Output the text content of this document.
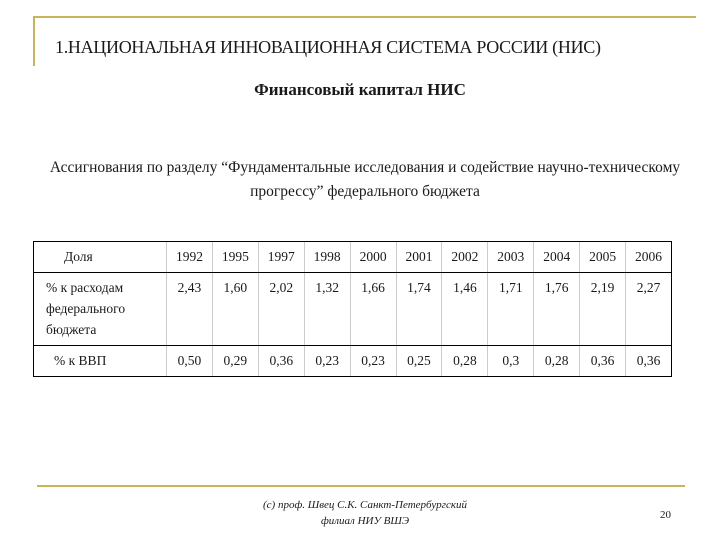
1.НАЦИОНАЛЬНАЯ ИННОВАЦИОННАЯ СИСТЕМА РОССИИ (НИС)
Финансовый капитал НИС
Ассигнования по разделу “Фундаментальные исследования и содействие научно-техническому прогрессу” федерального бюджета
Доля	1992	1995	1997	1998	2000	2001	2002	2003	2004	2005	2006
% к расходам федерального бюджета	2,43	1,60	2,02	1,32	1,66	1,74	1,46	1,71	1,76	2,19	2,27
% к ВВП	0,50	0,29	0,36	0,23	0,23	0,25	0,28	0,3	0,28	0,36	0,36
(c) проф. Швец С.К. Санкт-Петербургский
филиал НИУ ВШЭ	20
